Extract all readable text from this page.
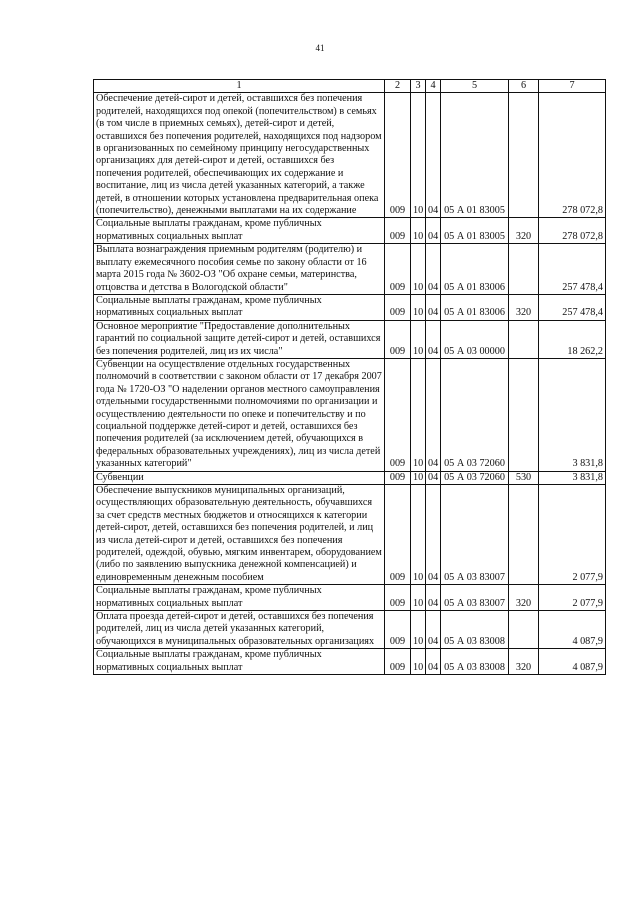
41
1	2	3	4	5	6	7
Обеспечение детей-сирот и детей, оставшихся без попечения родителей, находящихся под опекой (попечительством) в семьях (в том числе в приемных семьях), детей-сирот и детей, оставшихся без попечения родителей, находящихся под надзором в организованных по семейному принципу негосударственных организациях для детей-сирот и детей, оставшихся без попечения родителей, обеспечивающих их содержание и воспитание, лиц из числа детей указанных категорий, а также детей, в отношении которых установлена предварительная опека (попечительство), денежными выплатами на их содержание	009	10	04	05 А 01 83005		278 072,8
Социальные выплаты гражданам, кроме публичных нормативных социальных выплат	009	10	04	05 А 01 83005	320	278 072,8
Выплата вознаграждения приемным родителям (родителю) и выплату ежемесячного пособия семье по закону области от 16 марта 2015 года № 3602-ОЗ "Об охране семьи, материнства, отцовства и детства в Вологодской области"	009	10	04	05 А 01 83006		257 478,4
Социальные выплаты гражданам, кроме публичных нормативных социальных выплат	009	10	04	05 А 01 83006	320	257 478,4
Основное мероприятие "Предоставление дополнительных гарантий по социальной защите детей-сирот и детей, оставшихся без попечения родителей, лиц из их числа"	009	10	04	05 А 03 00000		18 262,2
Субвенции на осуществление отдельных государственных полномочий в соответствии с законом области от 17 декабря 2007 года № 1720-ОЗ "О наделении органов местного самоуправления отдельными государственными полномочиями по организации и осуществлению деятельности по опеке и попечительству и по социальной поддержке детей-сирот и детей, оставшихся без попечения родителей (за исключением детей, обучающихся в федеральных образовательных учреждениях), лиц из числа детей указанных категорий"	009	10	04	05 А 03 72060		3 831,8
Субвенции	009	10	04	05 А 03 72060	530	3 831,8
Обеспечение выпускников муниципальных организаций, осуществляющих образовательную деятельность, обучавшихся за счет средств местных бюджетов и относящихся к категории детей-сирот, детей, оставшихся без попечения родителей, и лиц из числа детей-сирот и детей, оставшихся без попечения родителей, одеждой, обувью, мягким инвентарем, оборудованием (либо по заявлению выпускника денежной компенсацией) и единовременным денежным пособием	009	10	04	05 А 03 83007		2 077,9
Социальные выплаты гражданам, кроме публичных нормативных социальных выплат	009	10	04	05 А 03 83007	320	2 077,9
Оплата проезда детей-сирот и детей, оставшихся без попечения родителей, лиц из числа детей указанных категорий, обучающихся в муниципальных образовательных организациях	009	10	04	05 А 03 83008		4 087,9
Социальные выплаты гражданам, кроме публичных нормативных социальных выплат	009	10	04	05 А 03 83008	320	4 087,9
